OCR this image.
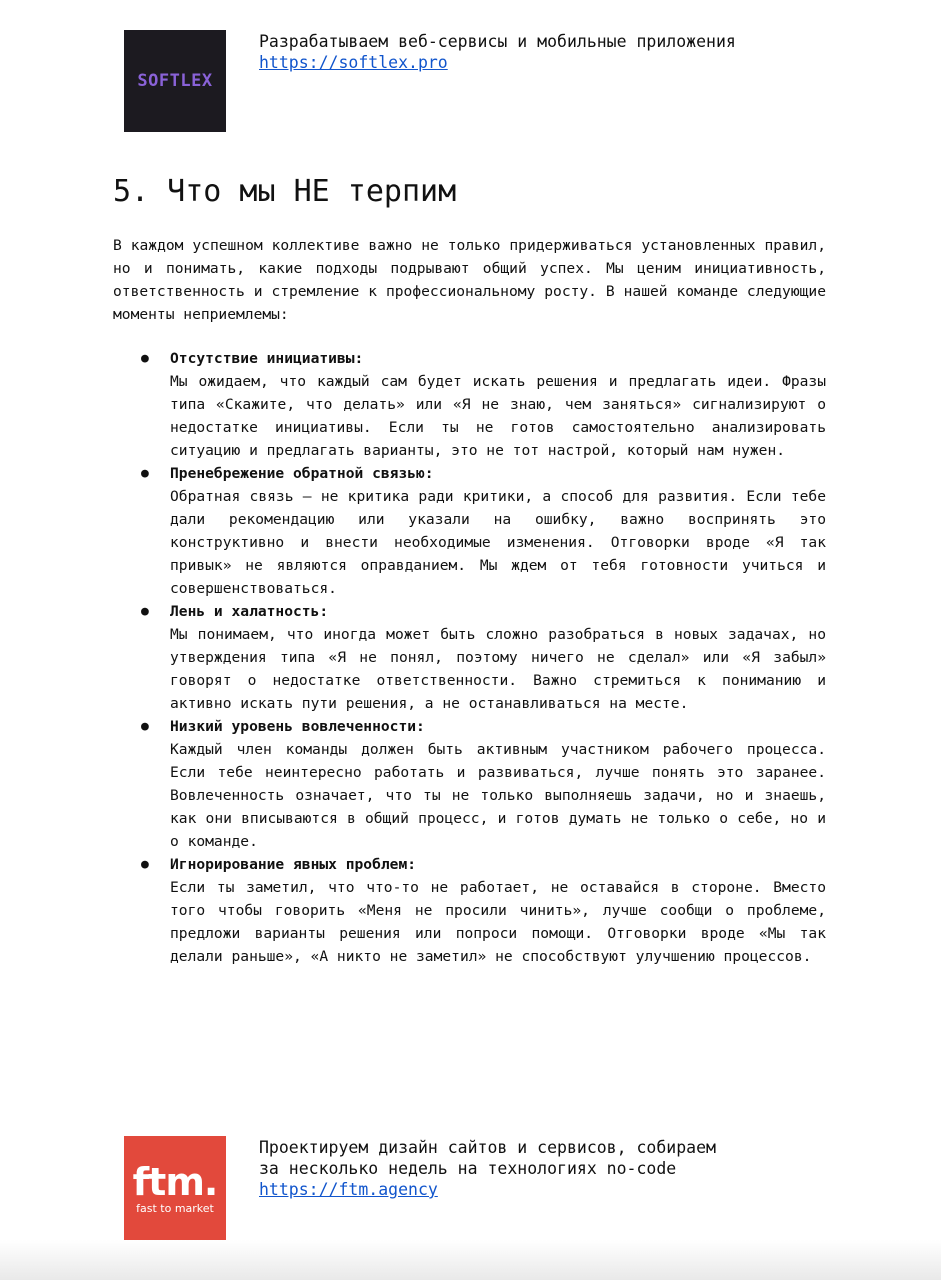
SOFTLEX
Разрабатываем веб-сервисы и мобильные приложения
https://softlex.pro
5. Что мы НЕ терпим

В каждом успешном коллективе важно не только придерживаться установленных правил, но и понимать, какие подходы подрывают общий успех. Мы ценим инициативность, ответственность и стремление к профессиональному росту. В нашей команде следующие моменты неприемлемы:

● Отсутствие инициативы:
Мы ожидаем, что каждый сам будет искать решения и предлагать идеи. Фразы типа «Скажите, что делать» или «Я не знаю, чем заняться» сигнализируют о недостатке инициативы. Если ты не готов самостоятельно анализировать ситуацию и предлагать варианты, это не тот настрой, который нам нужен.
● Пренебрежение обратной связью:
Обратная связь — не критика ради критики, а способ для развития. Если тебе дали рекомендацию или указали на ошибку, важно воспринять это конструктивно и внести необходимые изменения. Отговорки вроде «Я так привык» не являются оправданием. Мы ждем от тебя готовности учиться и совершенствоваться.
● Лень и халатность:
Мы понимаем, что иногда может быть сложно разобраться в новых задачах, но утверждения типа «Я не понял, поэтому ничего не сделал» или «Я забыл» говорят о недостатке ответственности. Важно стремиться к пониманию и активно искать пути решения, а не останавливаться на месте.
● Низкий уровень вовлеченности:
Каждый член команды должен быть активным участником рабочего процесса. Если тебе неинтересно работать и развиваться, лучше понять это заранее. Вовлеченность означает, что ты не только выполняешь задачи, но и знаешь, как они вписываются в общий процесс, и готов думать не только о себе, но и о команде.
● Игнорирование явных проблем:
Если ты заметил, что что-то не работает, не оставайся в стороне. Вместо того чтобы говорить «Меня не просили чинить», лучше сообщи о проблеме, предложи варианты решения или попроси помощи. Отговорки вроде «Мы так делали раньше», «А никто не заметил» не способствуют улучшению процессов.
ftm.
fast to market
Проектируем дизайн сайтов и сервисов, собираем
за несколько недель на технологиях no-code
https://ftm.agency
